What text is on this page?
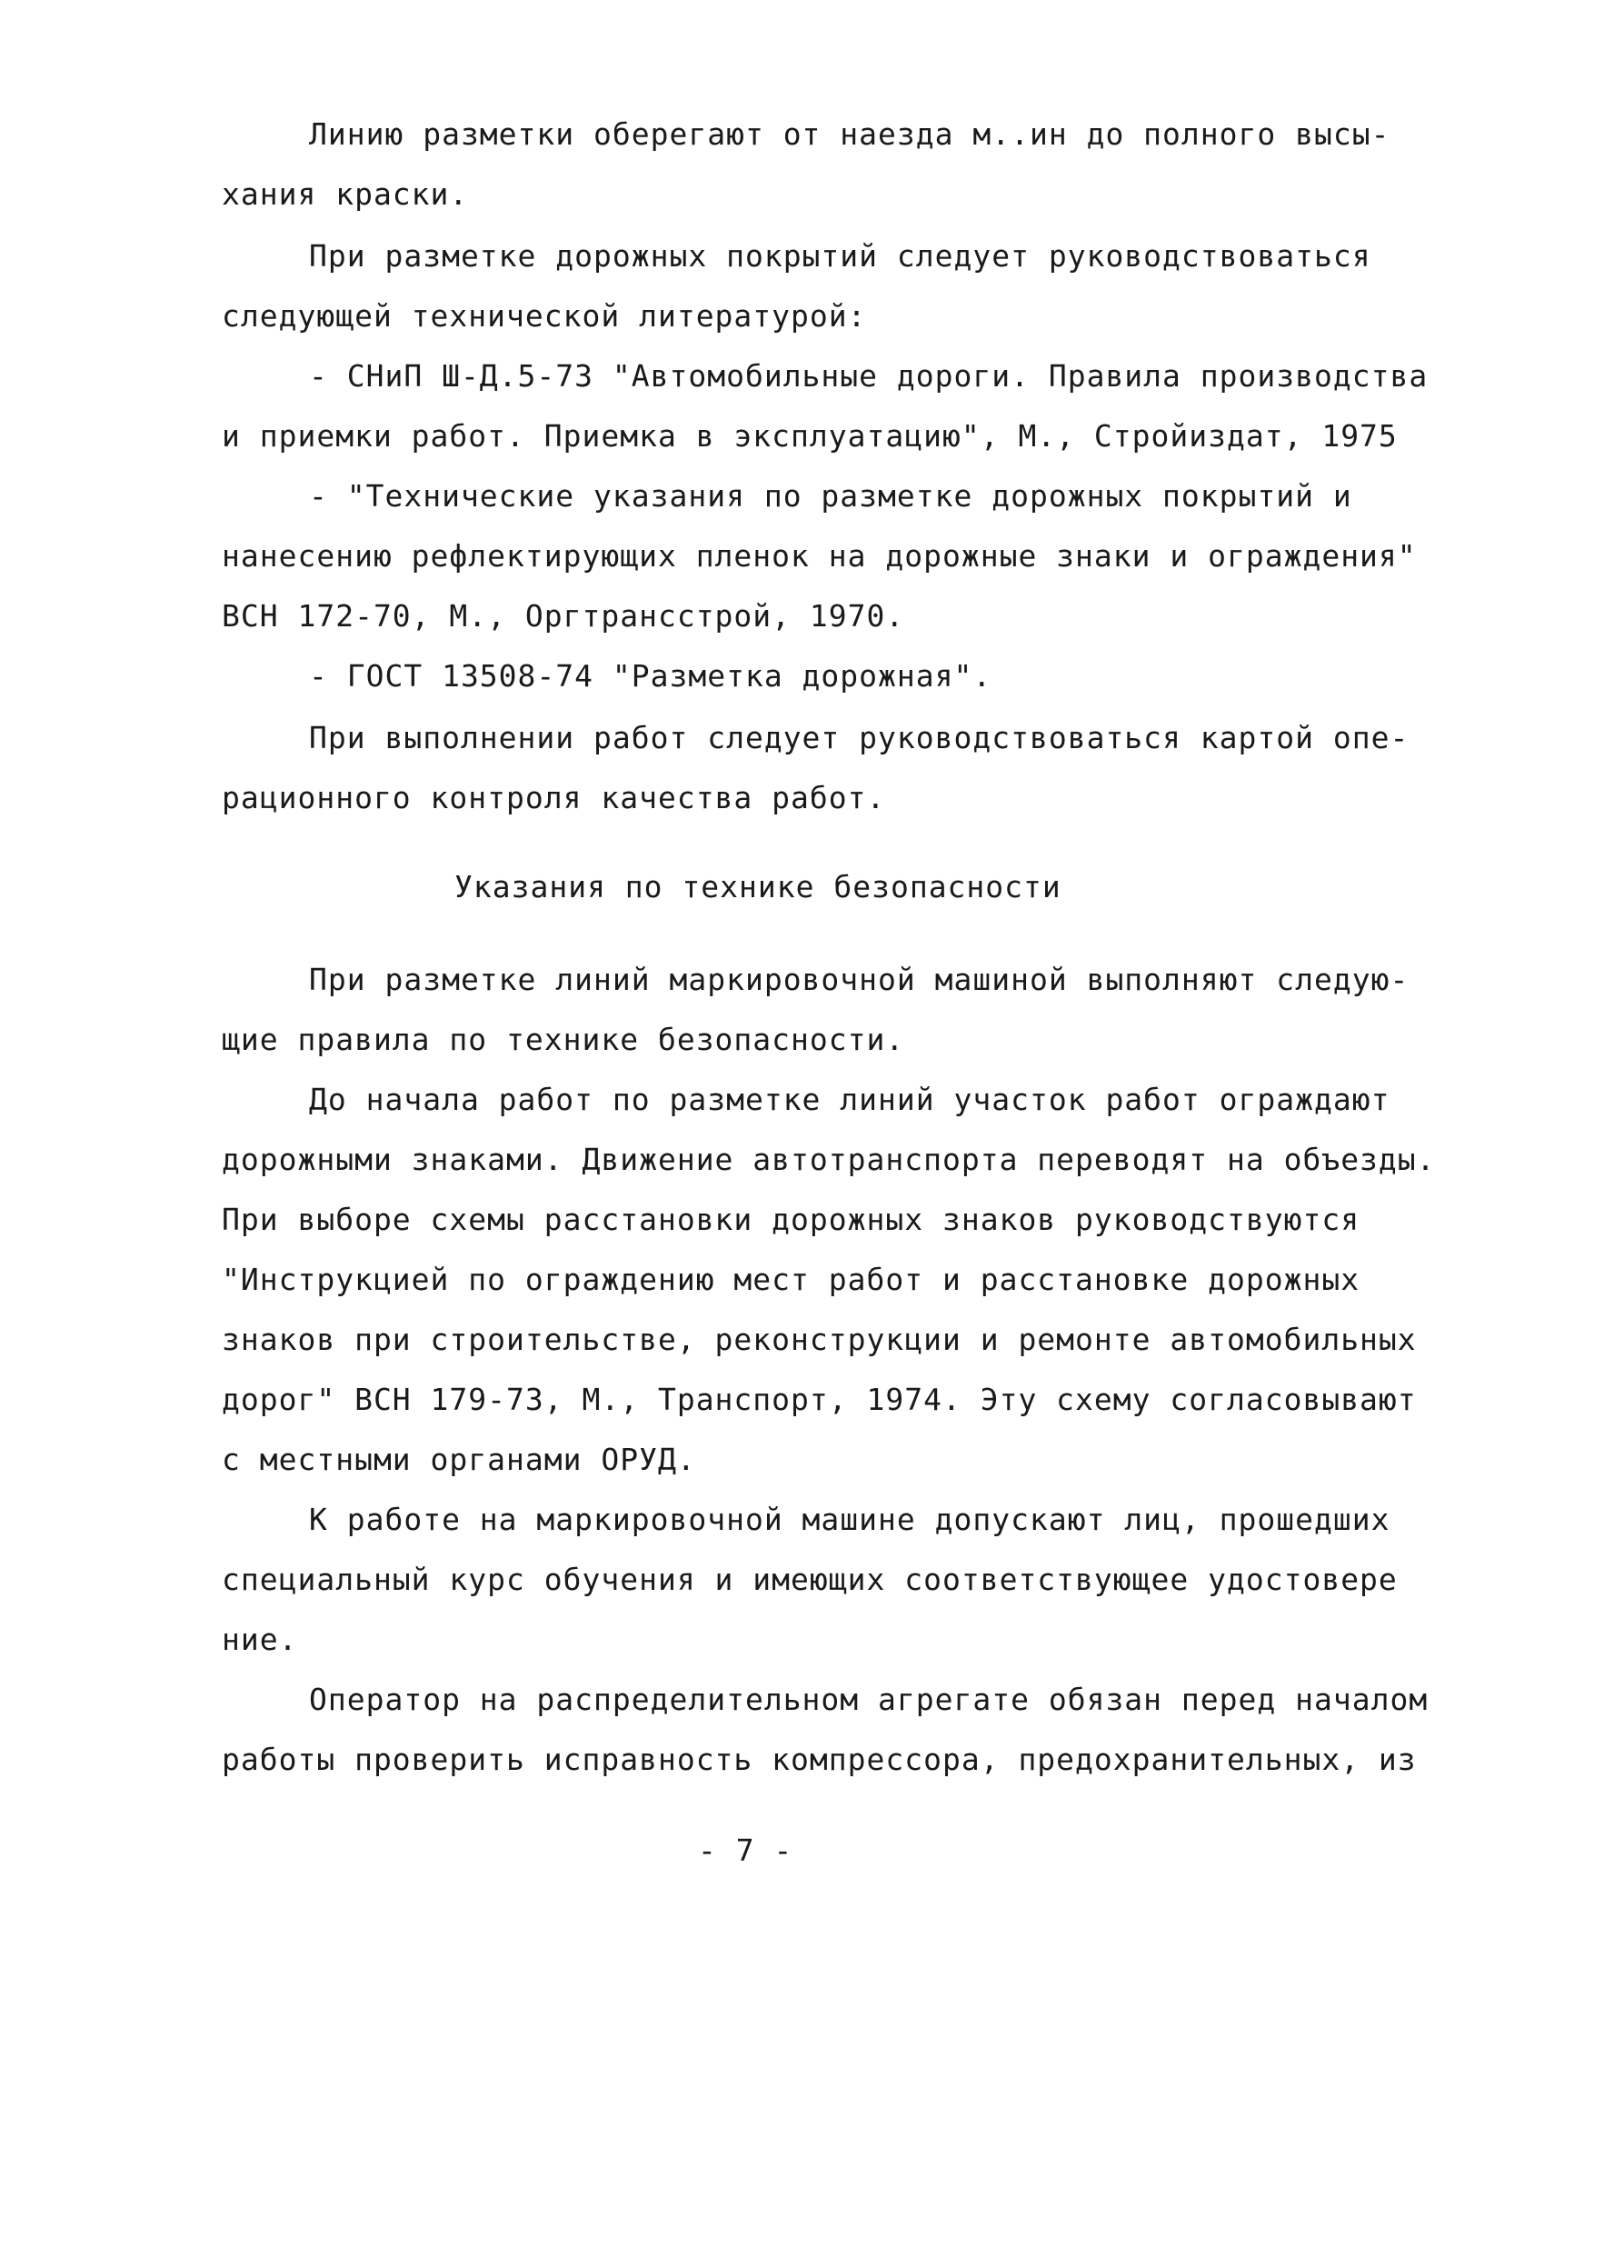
Линию разметки оберегают от наезда м..ин до полного высы-
хания краски.
При разметке дорожных покрытий следует руководствоваться
следующей технической литературой:
- СНиП Ш-Д.5-73 "Автомобильные дороги. Правила производства
и приемки работ. Приемка в эксплуатацию", М., Стройиздат, 1975
- "Технические указания по разметке дорожных покрытий и
нанесению рефлектирующих пленок на дорожные знаки и ограждения"
ВСН 172-70, М., Оргтрансстрой, 1970.
- ГОСТ 13508-74 "Разметка дорожная".
При выполнении работ следует руководствоваться картой опе-
рационного контроля качества работ.
Указания по технике безопасности
При разметке линий маркировочной машиной выполняют следую-
щие правила по технике безопасности.
До начала работ по разметке линий участок работ ограждают
дорожными знаками. Движение автотранспорта переводят на объезды.
При выборе схемы расстановки дорожных знаков руководствуются
"Инструкцией по ограждению мест работ и расстановке дорожных
знаков при строительстве, реконструкции и ремонте автомобильных
дорог" ВСН 179-73, М., Транспорт, 1974. Эту схему согласовывают
с местными органами ОРУД.
К работе на маркировочной машине допускают лиц, прошедших
специальный курс обучения и имеющих соответствующее удостовере
ние.
Оператор на распределительном агрегате обязан перед началом
работы проверить исправность компрессора, предохранительных, из
- 7 -
